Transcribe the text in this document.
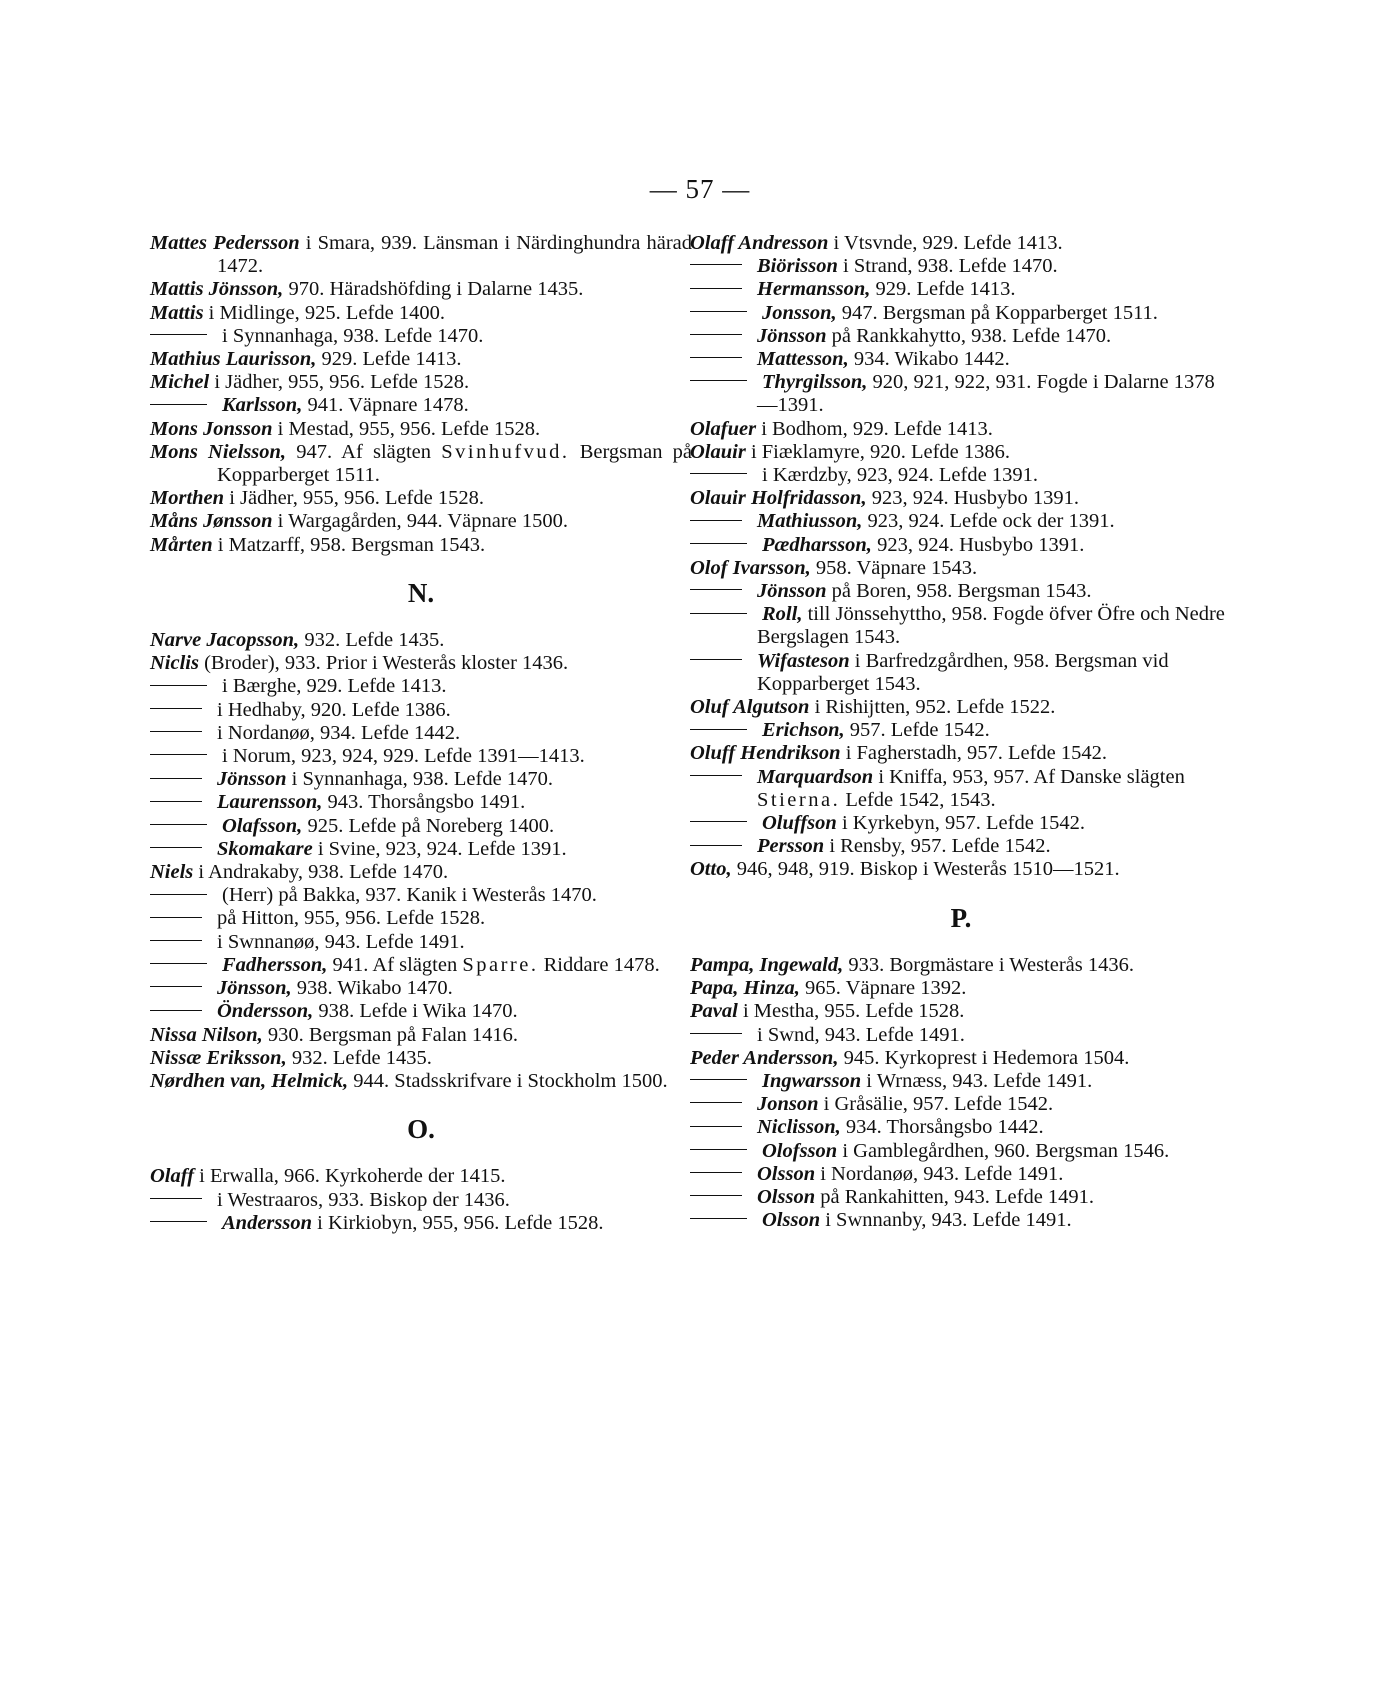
— 57 —
Mattes Pedersson i Smara, 939. Länsman i Närdinghundra härad 1472.
Mattis Jönsson, 970. Häradshöfding i Dalarne 1435.
Mattis i Midlinge, 925. Lefde 1400.
i Synnanhaga, 938. Lefde 1470.
Mathius Laurisson, 929. Lefde 1413.
Michel i Jädher, 955, 956. Lefde 1528.
Karlsson, 941. Väpnare 1478.
Mons Jonsson i Mestad, 955, 956. Lefde 1528.
Mons Nielsson, 947. Af slägten Svinhufvud. Bergsman på Kopparberget 1511.
Morthen i Jädher, 955, 956. Lefde 1528.
Måns Jønsson i Wargagården, 944. Väpnare 1500.
Mårten i Matzarff, 958. Bergsman 1543.
N.
Narve Jacopsson, 932. Lefde 1435.
Niclis (Broder), 933. Prior i Westerås kloster 1436.
i Bærghe, 929. Lefde 1413.
i Hedhaby, 920. Lefde 1386.
i Nordanøø, 934. Lefde 1442.
i Norum, 923, 924, 929. Lefde 1391—1413.
Jönsson i Synnanhaga, 938. Lefde 1470.
Laurensson, 943. Thorsångsbo 1491.
Olafsson, 925. Lefde på Noreberg 1400.
Skomakare i Svine, 923, 924. Lefde 1391.
Niels i Andrakaby, 938. Lefde 1470.
(Herr) på Bakka, 937. Kanik i Westerås 1470.
på Hitton, 955, 956. Lefde 1528.
i Swnnanøø, 943. Lefde 1491.
Fadhersson, 941. Af slägten Sparre. Riddare 1478.
Jönsson, 938. Wikabo 1470.
Öndersson, 938. Lefde i Wika 1470.
Nissa Nilson, 930. Bergsman på Falan 1416.
Nissæ Eriksson, 932. Lefde 1435.
Nørdhen van, Helmick, 944. Stadsskrifvare i Stockholm 1500.
O.
Olaff i Erwalla, 966. Kyrkoherde der 1415.
i Westraaros, 933. Biskop der 1436.
Andersson i Kirkiobyn, 955, 956. Lefde 1528.
Olaff Andresson i Vtsvnde, 929. Lefde 1413.
Biörisson i Strand, 938. Lefde 1470.
Hermansson, 929. Lefde 1413.
Jonsson, 947. Bergsman på Kopparberget 1511.
Jönsson på Rankkahytto, 938. Lefde 1470.
Mattesson, 934. Wikabo 1442.
Thyrgilsson, 920, 921, 922, 931. Fogde i Dalarne 1378—1391.
Olafuer i Bodhom, 929. Lefde 1413.
Olauir i Fiæklamyre, 920. Lefde 1386.
i Kærdzby, 923, 924. Lefde 1391.
Olauir Holfridasson, 923, 924. Husbybo 1391.
Mathiusson, 923, 924. Lefde ock der 1391.
Pædharsson, 923, 924. Husbybo 1391.
Olof Ivarsson, 958. Väpnare 1543.
Jönsson på Boren, 958. Bergsman 1543.
Roll, till Jönssehyttho, 958. Fogde öfver Öfre och Nedre Bergslagen 1543.
Wifasteson i Barfredzgårdhen, 958. Bergsman vid Kopparberget 1543.
Oluf Algutson i Rishijtten, 952. Lefde 1522.
Erichson, 957. Lefde 1542.
Oluff Hendrikson i Fagherstadh, 957. Lefde 1542.
Marquardson i Kniffa, 953, 957. Af Danske slägten Stierna. Lefde 1542, 1543.
Oluffson i Kyrkebyn, 957. Lefde 1542.
Persson i Rensby, 957. Lefde 1542.
Otto, 946, 948, 919. Biskop i Westerås 1510—1521.
P.
Pampa, Ingewald, 933. Borgmästare i Westerås 1436.
Papa, Hinza, 965. Väpnare 1392.
Paval i Mestha, 955. Lefde 1528.
i Swnd, 943. Lefde 1491.
Peder Andersson, 945. Kyrkoprest i Hedemora 1504.
Ingwarsson i Wrnæss, 943. Lefde 1491.
Jonson i Gråsälie, 957. Lefde 1542.
Niclisson, 934. Thorsångsbo 1442.
Olofsson i Gamblegårdhen, 960. Bergsman 1546.
Olsson i Nordanøø, 943. Lefde 1491.
Olsson på Rankahitten, 943. Lefde 1491.
Olsson i Swnnanby, 943. Lefde 1491.
